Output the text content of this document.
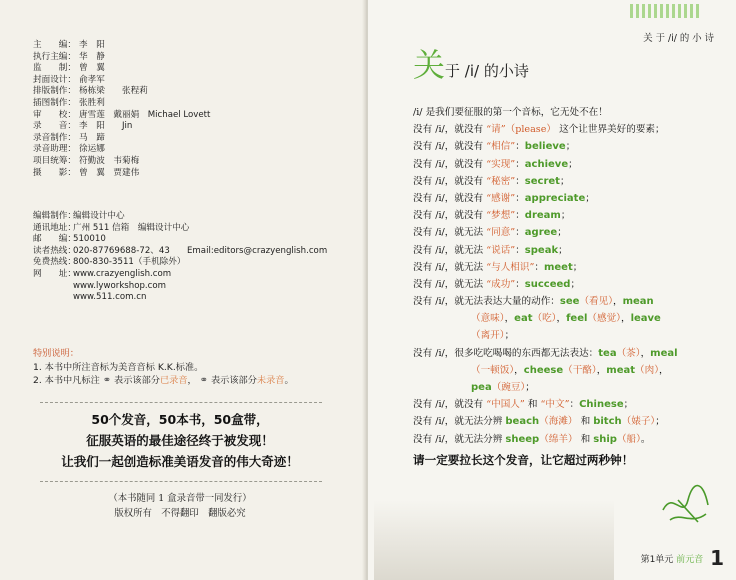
主　　编： 李　阳
执行主编： 华　静
监　　制： 曾　翼
封面设计： 俞孝军
排版制作： 杨栋梁　　张程莉
插图制作： 张胜利
审　　校： 唐雪莲　戴丽娟　Michael Lovett
录　　音： 李　阳　　Jin
录音制作： 马　蹄
录音助理： 徐运娜
项目统筹： 符勤波　韦菊梅
摄　　影： 曾　翼　贾建伟
编辑制作：编辑设计中心
通讯地址：广州 511 信箱　编辑设计中心
邮　　编：510010
读者热线：020-87769688-72、43　　Email:editors@crazyenglish.com
免费热线：800-830-3511（手机除外）
网　　址：www.crazyenglish.com
www.lyworkshop.com
www.511.com.cn
特别说明：
1. 本书中所注音标为美音音标 K.K.标准。
2. 本书中凡标注 ⚭ 表示该部分已录音， ⚭ 表示该部分未录音。
50个发音，50本书，50盒带，
征服英语的最佳途径终于被发现！
让我们一起创造标准美语发音的伟大奇迹！
（本书随同 1 盒录音带一同发行）
版权所有　不得翻印　翻版必究
关 于 /i/ 的 小 诗
关于 /i/ 的小诗
/i/ 是我们要征服的第一个音标，它无处不在！
没有 /i/，就没有 “请”（please） 这个让世界美好的要素；
没有 /i/，就没有 “相信”：believe；
没有 /i/，就没有 “实现”：achieve；
没有 /i/，就没有 “秘密”：secret；
没有 /i/，就没有 “感谢”：appreciate；
没有 /i/，就没有 “梦想”：dream；
没有 /i/，就无法 “同意”：agree；
没有 /i/，就无法 “说话”：speak；
没有 /i/，就无法 “与人相识”：meet；
没有 /i/，就无法 “成功”：succeed；
没有 /i/，就无法表达大量的动作：see（看见），mean
（意味），eat（吃），feel（感觉），leave
（离开）；
没有 /i/，很多吃吃喝喝的东西都无法表达：tea（茶），meal
（一顿饭），cheese（干酪），meat（肉），
pea（豌豆）；
没有 /i/，就没有 “中国人” 和 “中文”：Chinese；
没有 /i/，就无法分辨 beach（海滩） 和 bitch（婊子）；
没有 /i/，就无法分辨 sheep（绵羊） 和 ship（船）。
请一定要拉长这个发音，让它超过两秒钟！
第1单元 前元音 1
